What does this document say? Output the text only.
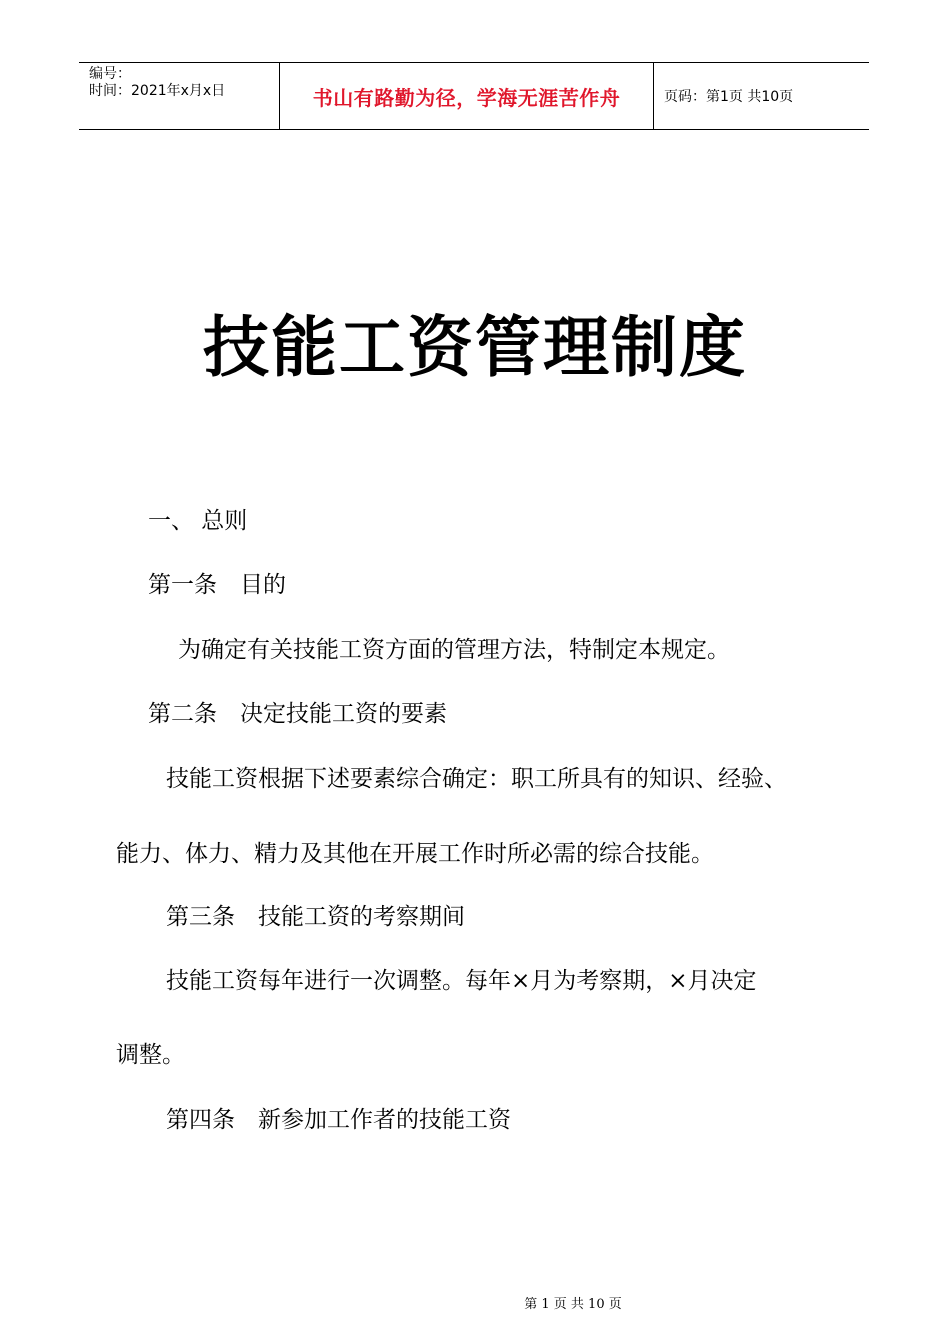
编号：
时间：2021年x月x日	书山有路勤为径，学海无涯苦作舟	页码：第1页 共10页
技能工资管理制度
一、 总则
第一条　目的
为确定有关技能工资方面的管理方法，特制定本规定。
第二条　决定技能工资的要素
技能工资根据下述要素综合确定：职工所具有的知识、经验、
能力、体力、精力及其他在开展工作时所必需的综合技能。
第三条　技能工资的考察期间
技能工资每年进行一次调整。每年×月为考察期，×月决定
调整。
第四条　新参加工作者的技能工资
第 1 页 共 10 页
